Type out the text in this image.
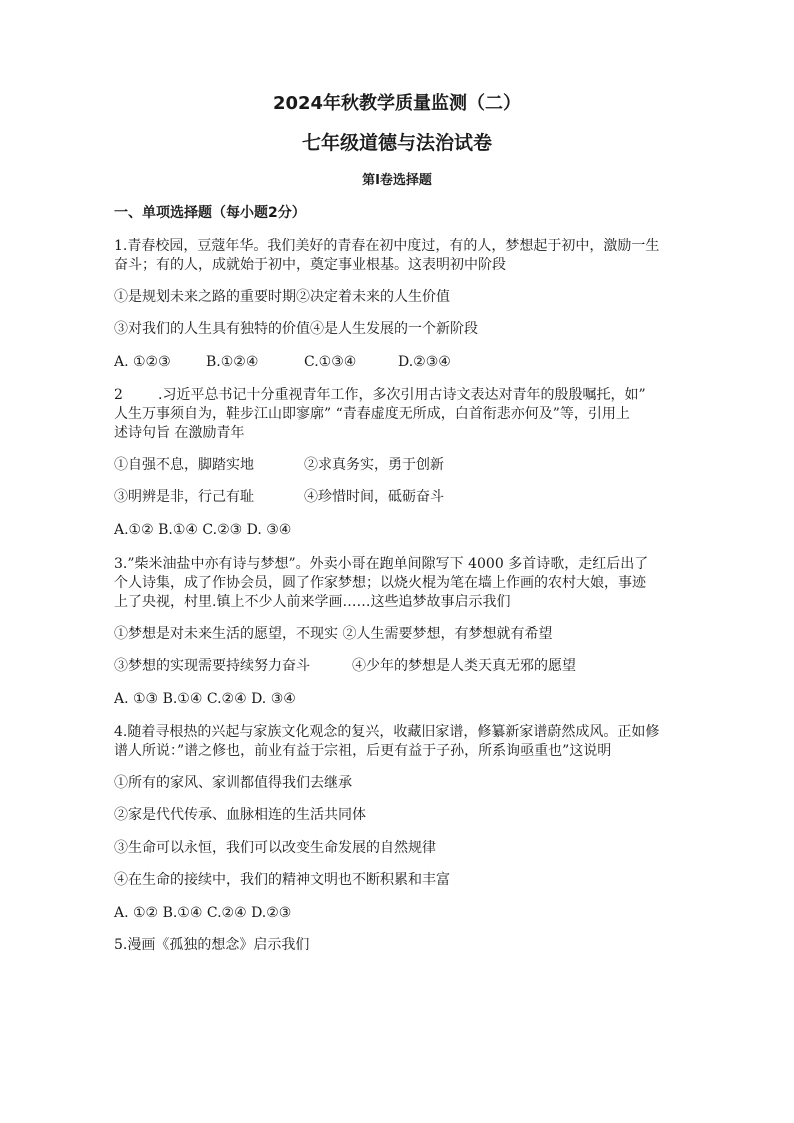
2024年秋教学质量监测（二）
七年级道德与法治试卷
第Ⅰ卷选择题
一、单项选择题（每小题2分）
1.青春校园，豆蔻年华。我们美好的青春在初中度过，有的人，梦想起于初中，激励一生
奋斗；有的人，成就始于初中，奠定事业根基。这表明初中阶段
①是规划未来之路的重要时期②决定着未来的人生价值
③对我们的人生具有独特的价值④是人生发展的一个新阶段
A. ①②③	B.①②④	C.①③④	D.②③④
2	.习近平总书记十分重视青年工作，多次引用古诗文表达对青年的殷殷嘱托，如”
人生万事须自为，鞋步江山即寥廓” “青春虚度无所成，白首衔悲亦何及”等，引用上
述诗句旨 在激励青年
①自强不息，脚踏实地	②求真务实，勇于创新
③明辨是非，行己有耻	④珍惜时间，砥砺奋斗
A.①② B.①④ C.②③ D. ③④
3.”柴米油盐中亦有诗与梦想”。外卖小哥在跑单间隙写下 4000 多首诗歌，走红后出了
个人诗集，成了作协会员，圆了作家梦想；以烧火棍为笔在墙上作画的农村大娘，事迹
上了央视，村里.镇上不少人前来学画……这些追梦故事启示我们
①梦想是对未来生活的愿望，不现实 ②人生需要梦想，有梦想就有希望
③梦想的实现需要持续努力奋斗	④少年的梦想是人类天真无邪的愿望
A. ①③ B.①④ C.②④ D. ③④
4.随着寻根热的兴起与家族文化观念的复兴，收藏旧家谱，修纂新家谱蔚然成风。正如修
谱人所说：”谱之修也，前业有益于宗祖，后更有益于子孙，所系询亟重也”这说明
①所有的家风、家训都值得我们去继承
②家是代代传承、血脉相连的生活共同体
③生命可以永恒，我们可以改变生命发展的自然规律
④在生命的接续中，我们的精神文明也不断积累和丰富
A. ①② B.①④ C.②④ D.②③
5.漫画《孤独的想念》启示我们
